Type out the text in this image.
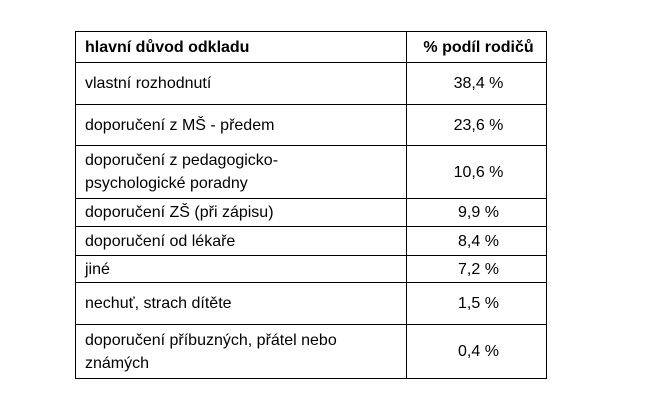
hlavní důvod odkladu	% podíl rodičů
vlastní rozhodnutí	38,4 %
doporučení z MŠ - předem	23,6 %
doporučení z pedagogicko-psychologické poradny	10,6 %
doporučení ZŠ (při zápisu)	9,9 %
doporučení od lékaře	8,4 %
jiné	7,2 %
nechuť, strach dítěte	1,5 %
doporučení příbuzných, přátel nebo známých	0,4 %
